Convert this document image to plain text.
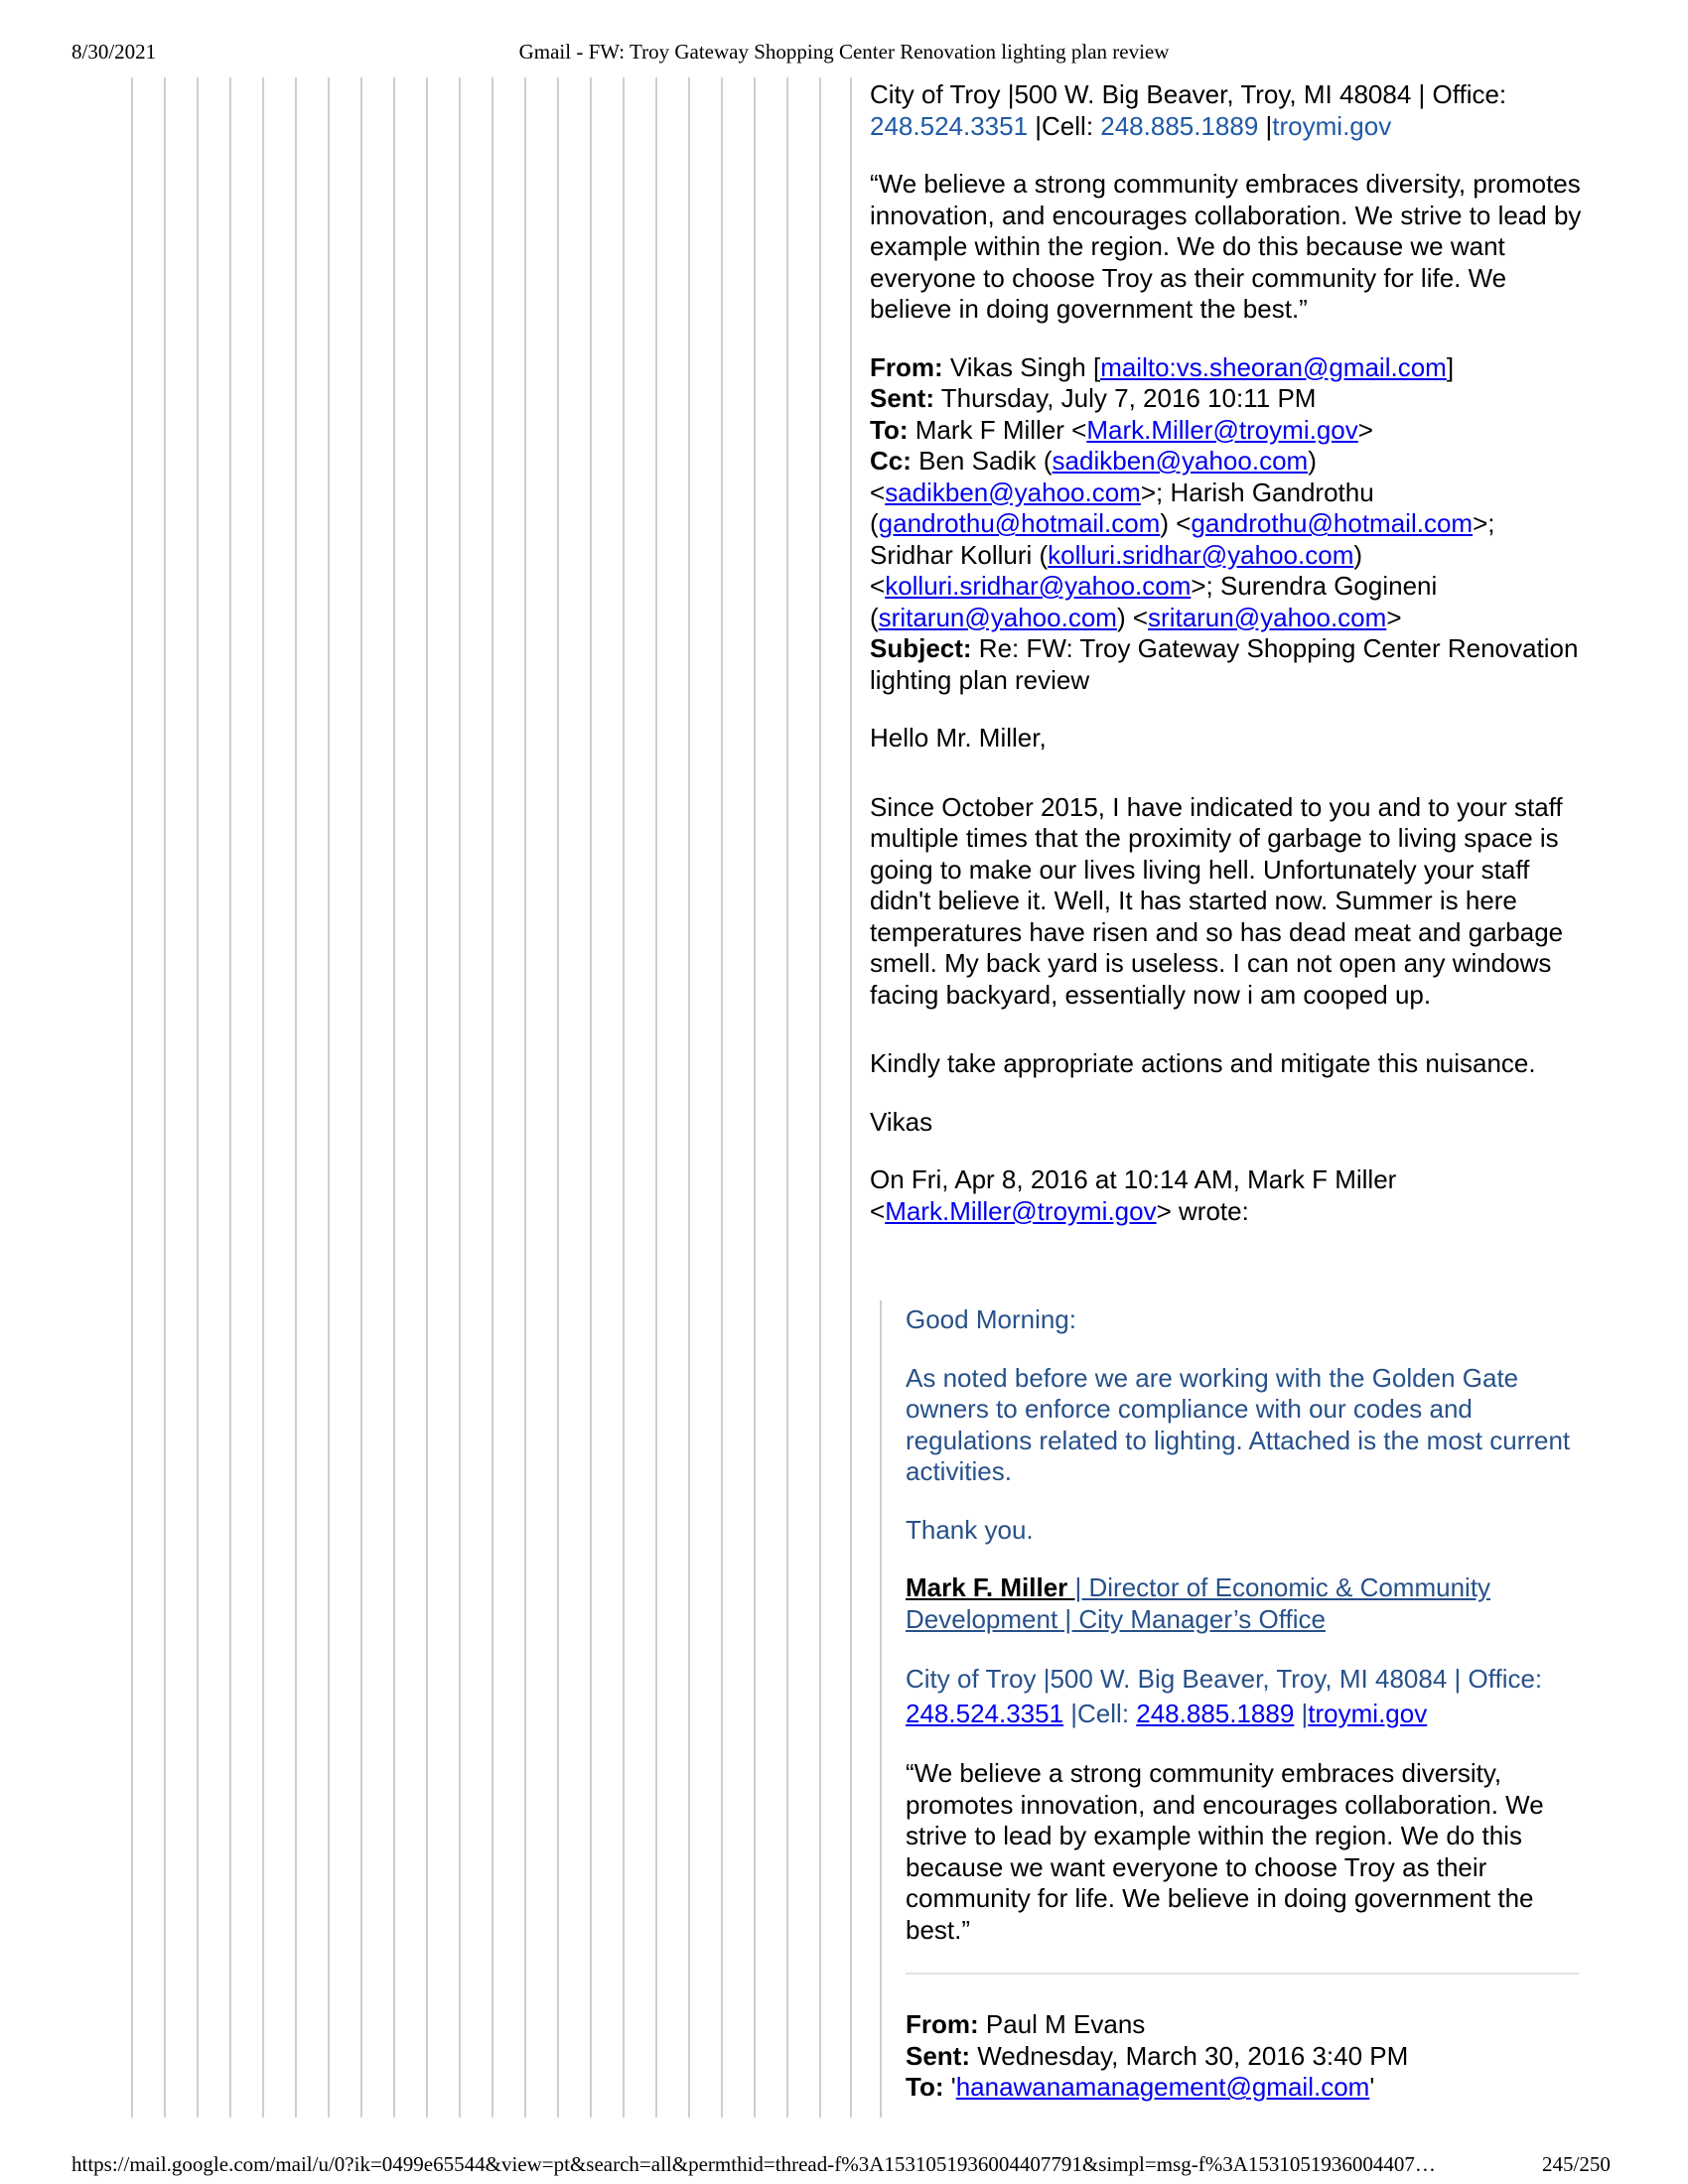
8/30/2021	Gmail - FW: Troy Gateway Shopping Center Renovation lighting plan review

City of Troy |500 W. Big Beaver, Troy, MI 48084 | Office:
248.524.3351 |Cell: 248.885.1889 |troymi.gov

“We believe a strong community embraces diversity, promotes innovation, and encourages collaboration. We strive to lead by example within the region. We do this because we want everyone to choose Troy as their community for life. We believe in doing government the best.”

From: Vikas Singh [mailto:vs.sheoran@gmail.com]
Sent: Thursday, July 7, 2016 10:11 PM
To: Mark F Miller <Mark.Miller@troymi.gov>
Cc: Ben Sadik (sadikben@yahoo.com)
<sadikben@yahoo.com>; Harish Gandrothu
(gandrothu@hotmail.com) <gandrothu@hotmail.com>;
Sridhar Kolluri (kolluri.sridhar@yahoo.com)
<kolluri.sridhar@yahoo.com>; Surendra Gogineni
(sritarun@yahoo.com) <sritarun@yahoo.com>
Subject: Re: FW: Troy Gateway Shopping Center Renovation lighting plan review

Hello Mr. Miller,

Since October 2015, I have indicated to you and to your staff multiple times that the proximity of garbage to living space is going to make our lives living hell. Unfortunately your staff didn't believe it. Well, It has started now. Summer is here temperatures have risen and so has dead meat and garbage smell. My back yard is useless. I can not open any windows facing backyard, essentially now i am cooped up.

Kindly take appropriate actions and mitigate this nuisance.

Vikas

On Fri, Apr 8, 2016 at 10:14 AM, Mark F Miller
<Mark.Miller@troymi.gov> wrote:

Good Morning:

As noted before we are working with the Golden Gate owners to enforce compliance with our codes and regulations related to lighting. Attached is the most current activities.

Thank you.

Mark F. Miller | Director of Economic & Community Development | City Manager’s Office

City of Troy |500 W. Big Beaver, Troy, MI 48084 | Office: 248.524.3351 |Cell: 248.885.1889 |troymi.gov

“We believe a strong community embraces diversity, promotes innovation, and encourages collaboration. We strive to lead by example within the region. We do this because we want everyone to choose Troy as their community for life. We believe in doing government the best.”

From: Paul M Evans
Sent: Wednesday, March 30, 2016 3:40 PM
To: 'hanawanamanagement@gmail.com'

https://mail.google.com/mail/u/0?ik=0499e65544&view=pt&search=all&permthid=thread-f%3A1531051936004407791&simpl=msg-f%3A1531051936004407…	245/250
